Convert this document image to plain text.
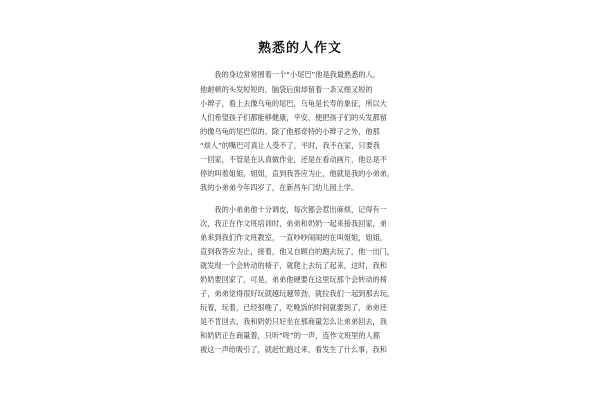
熟悉的人作文
　　我的身边常常围着一个“小尾巴”他是我最熟悉的人，
他耐顿的头发短短的，脑袋后面却留着一条又细又短的
小辫子，看上去像乌龟的尾巴，乌龟是长寿的象征，所以大
人们希望孩子们都能够健康，平安，便把孩子们的头发都留
的像乌龟的尾巴似的。除了他那奇特的小辫子之外，他那
“烦人”的嘴巴可真让人受不了，平时，我不在家，只要我
一回家，不管是在认真做作业，还是在看动画片，他总是不
停的叫着姐姐，姐姐，直到我答应为止，他就是我的小弟弟，
我的小弟弟今年四岁了，在新昌车门幼儿园上学。
　　我的小弟弟他十分调皮，每次都会惹出麻烦，记得有一
次，我正在作文班培训时，弟弟和奶奶一起来接我回家，弟
弟来到我们作文班教室，一直吵吵闹闹的在叫姐姐，姐姐，
直到我答应为止，接着，他又自顾自的跑去玩了，他一出门，
就发现一个会转动的椅子，就爬上去玩了起来，这时，我和
奶奶要回家了，可是，弟弟他硬要在这里玩那个会转动的椅
子，弟弟觉得很好玩就越玩越带劲，就拉我们一起到那去玩，
玩着，玩着，已经很晚了，吃晚饭的时间就要到了，弟弟还
是不肯回去，我和奶奶只好坐在那商量怎么让弟弟回去，我
和奶奶正在商量着，只听“咚”的一声，连作文班里的人都
被这一声给吸引了，就赶忙跑过来，看发生了什么事，我和
